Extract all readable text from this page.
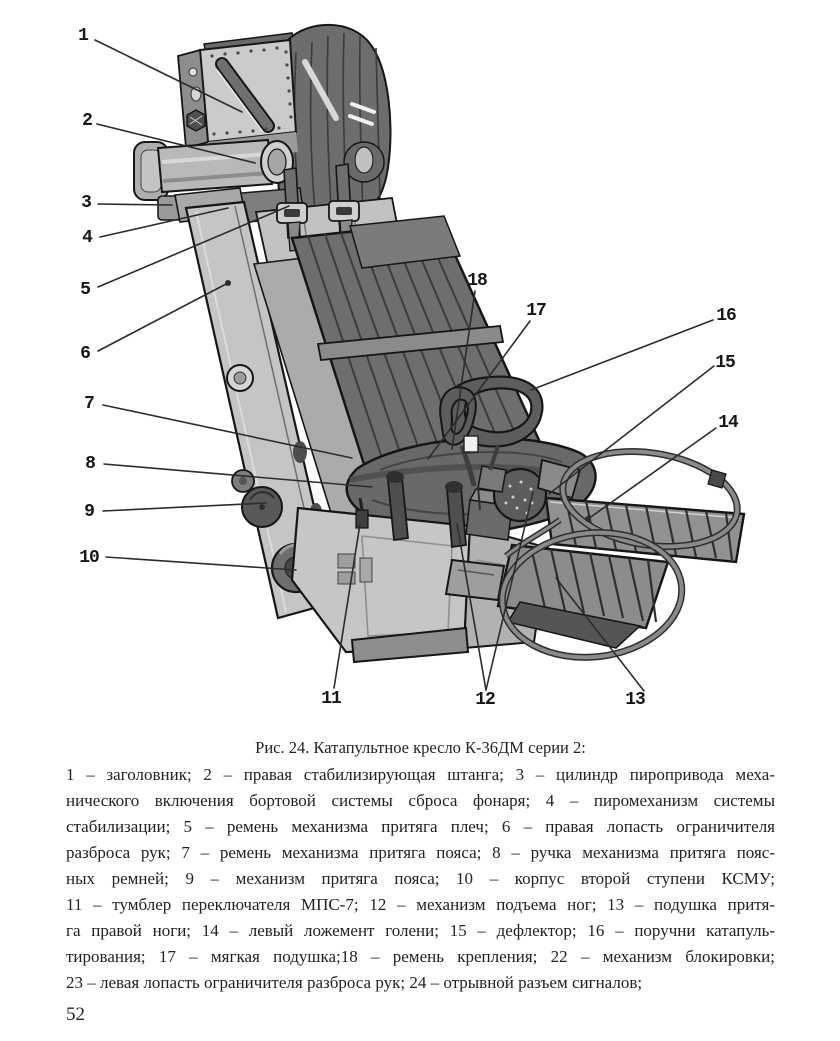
1
2
3
4
5
6
7
8
9
10
11	12	13
14
15
16
17
18
Рис. 24. Катапультное кресло К-36ДМ серии 2:
1 – заголовник; 2 – правая стабилизирующая штанга; 3 – цилиндр пиропривода меха-
нического включения бортовой системы сброса фонаря; 4 – пиромеханизм системы
стабилизации; 5 – ремень механизма притяга плеч; 6 – правая лопасть ограничителя
разброса рук; 7 – ремень механизма притяга пояса; 8 – ручка механизма притяга пояс-
ных ремней; 9 – механизм притяга пояса; 10 – корпус второй ступени КСМУ;
11 – тумблер переключателя МПС-7; 12 – механизм подъема ног; 13 – подушка притя-
га правой ноги; 14 – левый ложемент голени; 15 – дефлектор; 16 – поручни катапуль-
тирования; 17 – мягкая подушка;18 – ремень крепления; 22 – механизм блокировки;
23 – левая лопасть ограничителя разброса рук; 24 – отрывной разъем сигналов;
52
